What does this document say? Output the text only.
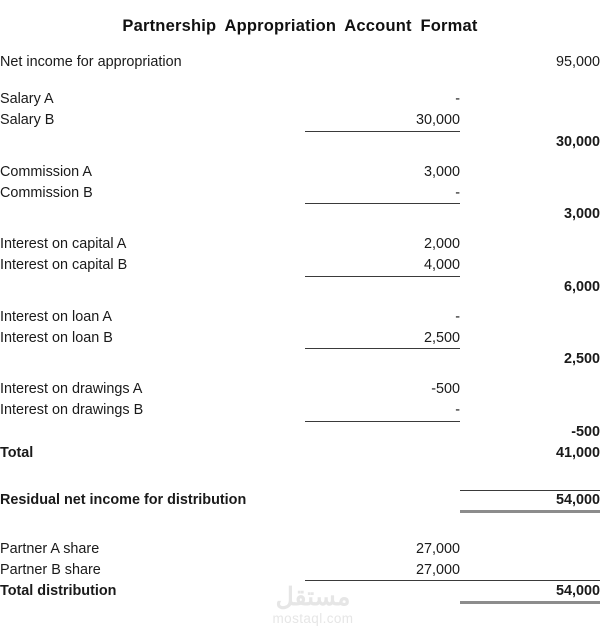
Partnership Appropriation Account Format
Net income for appropriation		95,000

Salary A	-	
Salary B	30,000	
		30,000

Commission A	3,000	
Commission B	-	
		3,000

Interest on capital A	2,000	
Interest on capital B	4,000	
		6,000

Interest on loan A	-	
Interest on loan B	2,500	
		2,500

Interest on drawings A	-500	
Interest on drawings B	-	
		-500
Total		41,000

Residual net income for distribution		54,000

Partner A share	27,000	
Partner B share	27,000	
Total distribution		54,000
مستقل
mostaql.com
